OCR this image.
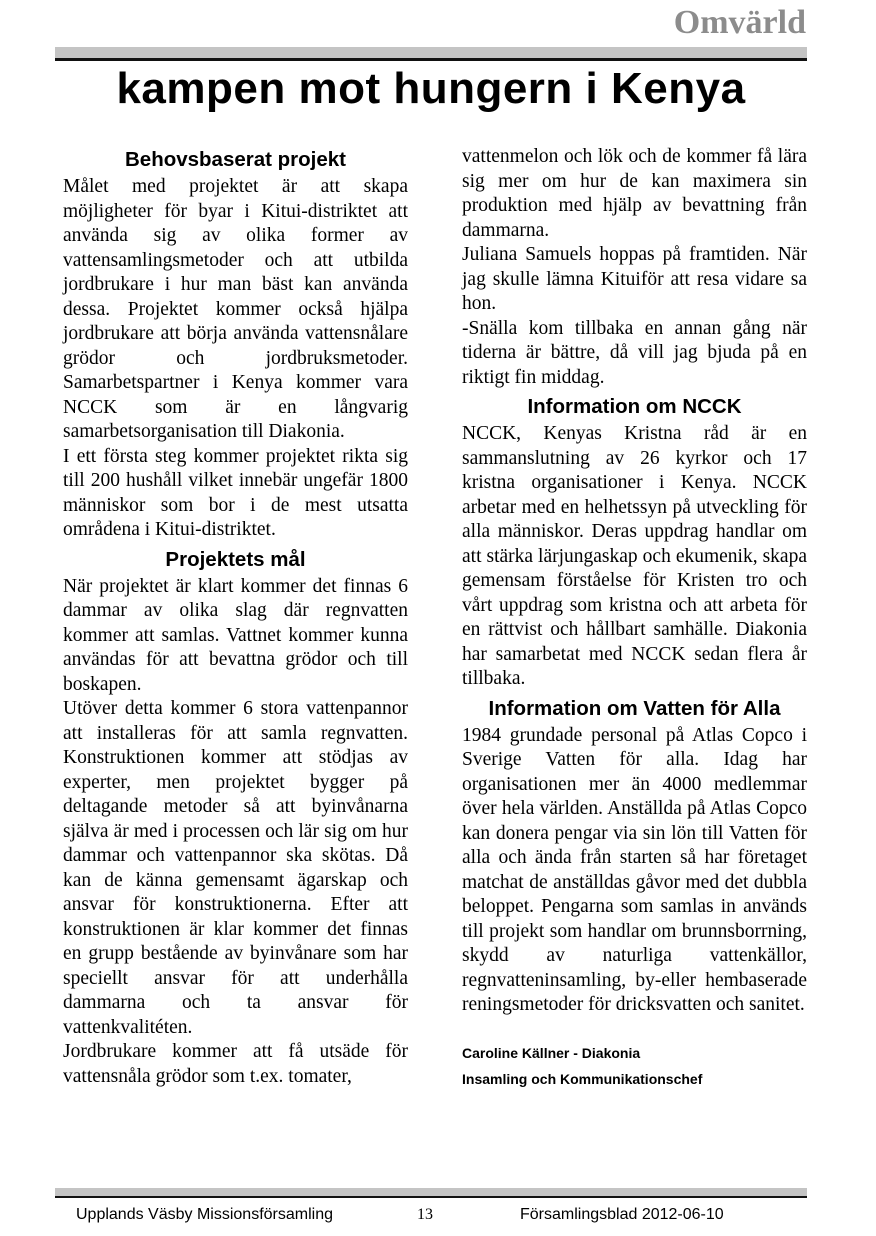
Omvärld
kampen mot hungern i Kenya
Behovsbaserat projekt

Målet med projektet är att skapa möjligheter för byar i Kitui-distriktet att använda sig av olika former av vattensamlingsmetoder och att utbilda jordbrukare i hur man bäst kan använda dessa. Projektet kommer också hjälpa jordbrukare att börja använda vattensnålare grödor och jordbruksmetoder. Samarbetspartner i Kenya kommer vara NCCK som är en långvarig samarbetsorganisation till Diakonia.

I ett första steg kommer projektet rikta sig till 200 hushåll vilket innebär ungefär 1800 människor som bor i de mest utsatta områdena i Kitui-distriktet.

Projektets mål

När projektet är klart kommer det finnas 6 dammar av olika slag där regnvatten kommer att samlas. Vattnet kommer kunna användas för att bevattna grödor och till boskapen.

Utöver detta kommer 6 stora vattenpannor att installeras för att samla regnvatten. Konstruktionen kommer att stödjas av experter, men projektet bygger på deltagande metoder så att byinvånarna själva är med i processen och lär sig om hur dammar och vattenpannor ska skötas. Då kan de känna gemensamt ägarskap och ansvar för konstruktionerna. Efter att konstruktionen är klar kommer det finnas en grupp bestående av byinvånare som har speciellt ansvar för att underhålla dammarna och ta ansvar för vattenkvalitéten.

Jordbrukare kommer att få utsäde för vattensnåla grödor som t.ex. tomater,

vattenmelon och lök och de kommer få lära sig mer om hur de kan maximera sin produktion med hjälp av bevattning från dammarna.

Juliana Samuels hoppas på framtiden. När jag skulle lämna Kituiför att resa vidare sa hon.

-Snälla kom tillbaka en annan gång när tiderna är bättre, då vill jag bjuda på en riktigt fin middag.

Information om NCCK

NCCK, Kenyas Kristna råd är en sammanslutning av 26 kyrkor och 17 kristna organisationer i Kenya. NCCK arbetar med en helhetssyn på utveckling för alla människor. Deras uppdrag handlar om att stärka lärjungaskap och ekumenik, skapa gemensam förståelse för Kristen tro och vårt uppdrag som kristna och att arbeta för en rättvist och hållbart samhälle. Diakonia har samarbetat med NCCK sedan flera år tillbaka.

Information om Vatten för Alla

1984 grundade personal på Atlas Copco i Sverige Vatten för alla. Idag har organisationen mer än 4000 medlemmar över hela världen. Anställda på Atlas Copco kan donera pengar via sin lön till Vatten för alla och ända från starten så har företaget matchat de anställdas gåvor med det dubbla beloppet. Pengarna som samlas in används till projekt som handlar om brunnsborrning, skydd av naturliga vattenkällor, regnvatteninsamling, by-eller hembaserade reningsmetoder för dricksvatten och sanitet.

Caroline Källner - Diakonia
Insamling och Kommunikationschef
Upplands Väsby Missionsförsamling	13	Församlingsblad 2012-06-10
